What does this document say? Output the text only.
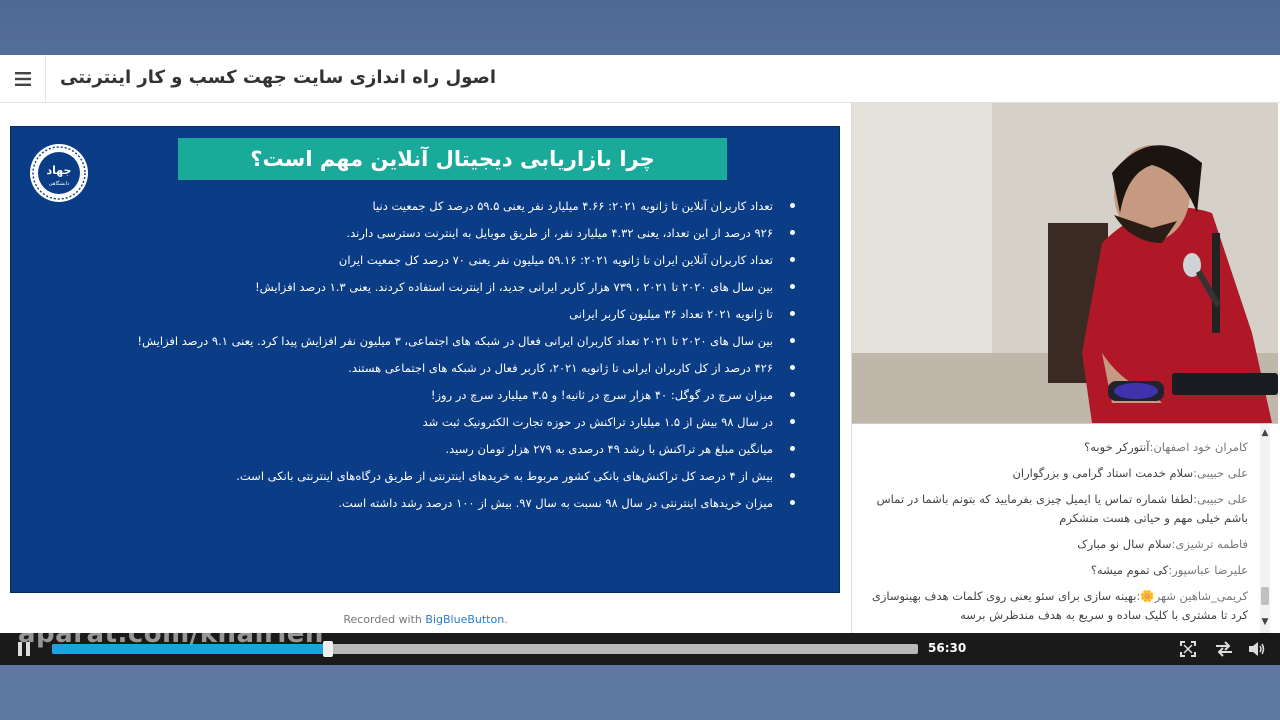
اصول راه اندازی سایت جهت کسب و کار اینترنتی
جهاد
دانشگاهی
چرا بازاریابی دیجیتال آنلاین مهم است؟
تعداد کاربران آنلاین تا ژانویه ۲۰۲۱: ۴.۶۶ میلیارد نفر یعنی ۵۹.۵ درصد کل جمعیت دنیا
۹۲۶ درصد از این تعداد، یعنی ۴.۳۲ میلیارد نفر، از طریق موبایل به اینترنت دسترسی دارند.
تعداد کاربران آنلاین ایران تا ژانویه ۲۰۲۱: ۵۹.۱۶ میلیون نفر یعنی ۷۰ درصد کل جمعیت ایران
بین سال های ۲۰۲۰ تا ۲۰۲۱ ، ۷۳۹ هزار کاربر ایرانی جدید، از اینترنت استفاده کردند. یعنی ۱.۳ درصد افزایش!
تا ژانویه ۲۰۲۱ تعداد ۳۶ میلیون کاربر ایرانی
بین سال های ۲۰۲۰ تا ۲۰۲۱ تعداد کاربران ایرانی فعال در شبکه های اجتماعی، ۳ میلیون نفر افزایش پیدا کرد. یعنی ۹.۱ درصد افزایش!
۴۲۶ درصد از کل کاربران ایرانی تا ژانویه ۲۰۲۱، کاربر فعال در شبکه های اجتماعی هستند.
میزان سرچ در گوگل: ۴۰ هزار سرچ در ثانیه! و ۳.۵ میلیارد سرچ در روز!
در سال ۹۸ بیش از ۱.۵ میلیارد تراکنش در حوزه تجارت الکترونیک ثبت شد
میانگین مبلغ هر تراکنش با رشد ۴۹ درصدی به ۲۷۹ هزار تومان رسید.
بیش از ۴ درصد کل تراکنش‌های بانکی کشور مربوط به خریدهای اینترنتی از طریق درگاه‌های اینترنتی بانکی است.
میزان خریدهای اینترنتی در سال ۹۸ نسبت به سال ۹۷. بیش از ۱۰۰ درصد رشد داشته است.
Recorded with BigBlueButton.
کامران خود اصفهان:آنتورکر خوبه؟
علی حبیبی:سلام خدمت استاد گرامی و بزرگواران
علی حبیبی:لطفا شماره تماس یا ایمیل چیزی بفرمایید که بتونم باشما در تماس باشم خیلی مهم و حیاتی هست متشکرم
فاطمه ترشیزی:سلام سال نو مبارک
علیرضا عباسپور:کی تموم میشه؟
کریمی_شاهین شهر🌼:بهینه سازی برای سئو یعنی روی کلمات هدف بهینوسازی کرد تا مشتری با کلیک ساده و سریع به هدف مندظرش برسه
▲
▼
56:30
aparat.com/khairieh
